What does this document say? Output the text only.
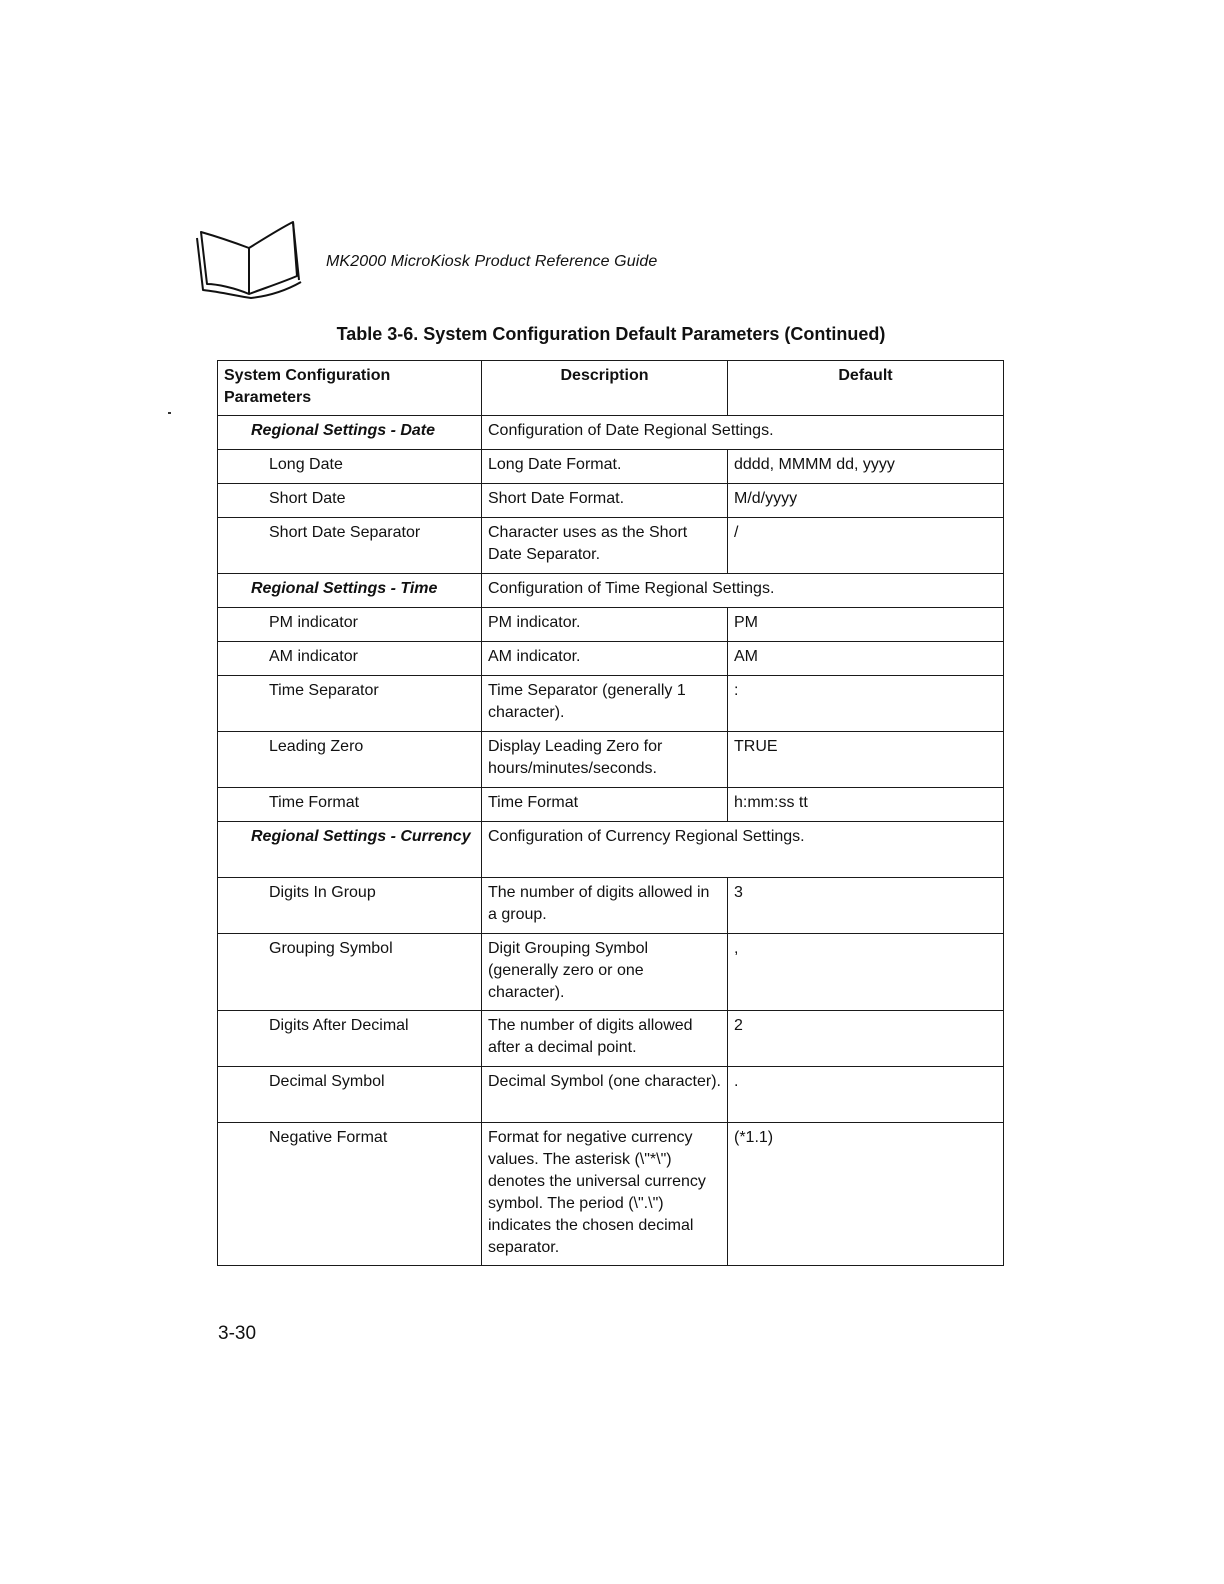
MK2000 MicroKiosk Product Reference Guide
Table 3-6. System Configuration Default Parameters (Continued)
System Configuration Parameters	Description	Default
Regional Settings - Date	Configuration of Date Regional Settings.	
Long Date	Long Date Format.	dddd, MMMM dd, yyyy
Short Date	Short Date Format.	M/d/yyyy
Short Date Separator	Character uses as the Short Date Separator.	/
Regional Settings - Time	Configuration of Time Regional Settings.	
PM indicator	PM indicator.	PM
AM indicator	AM indicator.	AM
Time Separator	Time Separator (generally 1 character).	:
Leading Zero	Display Leading Zero for hours/minutes/seconds.	TRUE
Time Format	Time Format	h:mm:ss tt
Regional Settings - Currency	Configuration of Currency Regional Settings.	
Digits In Group	The number of digits allowed in a group.	3
Grouping Symbol	Digit Grouping Symbol (generally zero or one character).	,
Digits After Decimal	The number of digits allowed after a decimal point.	2
Decimal Symbol	Decimal Symbol (one character).	.
Negative Format	Format for negative currency values. The asterisk (\"*\") denotes the universal currency symbol. The period (\".\") indicates the chosen decimal separator.	(*1.1)
3-30
